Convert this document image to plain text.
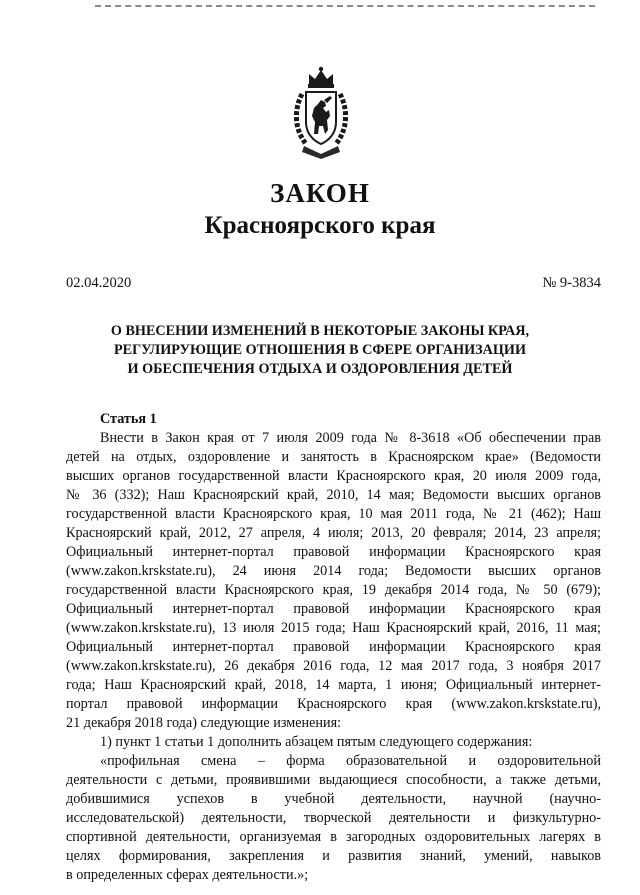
ЗАКОН
Красноярского края
02.04.2020	№ 9-3834
О ВНЕСЕНИИ ИЗМЕНЕНИЙ В НЕКОТОРЫЕ ЗАКОНЫ КРАЯ,
РЕГУЛИРУЮЩИЕ ОТНОШЕНИЯ В СФЕРЕ ОРГАНИЗАЦИИ
И ОБЕСПЕЧЕНИЯ ОТДЫХА И ОЗДОРОВЛЕНИЯ ДЕТЕЙ
Статья 1
Внести в Закон края от 7 июля 2009 года № 8-3618 «Об обеспечении прав
детей на отдых, оздоровление и занятость в Красноярском крае» (Ведомости
высших органов государственной власти Красноярского края, 20 июля 2009 года,
№ 36 (332); Наш Красноярский край, 2010, 14 мая; Ведомости высших органов
государственной власти Красноярского края, 10 мая 2011 года, № 21 (462); Наш
Красноярский край, 2012, 27 апреля, 4 июля; 2013, 20 февраля; 2014, 23 апреля;
Официальный интернет-портал правовой информации Красноярского края
(www.zakon.krskstate.ru), 24 июня 2014 года; Ведомости высших органов
государственной власти Красноярского края, 19 декабря 2014 года, № 50 (679);
Официальный интернет-портал правовой информации Красноярского края
(www.zakon.krskstate.ru), 13 июля 2015 года; Наш Красноярский край, 2016, 11 мая;
Официальный интернет-портал правовой информации Красноярского края
(www.zakon.krskstate.ru), 26 декабря 2016 года, 12 мая 2017 года, 3 ноября 2017
года; Наш Красноярский край, 2018, 14 марта, 1 июня; Официальный интернет-
портал правовой информации Красноярского края (www.zakon.krskstate.ru),
21 декабря 2018 года) следующие изменения:
1) пункт 1 статьи 1 дополнить абзацем пятым следующего содержания:
«профильная смена – форма образовательной и оздоровительной
деятельности с детьми, проявившими выдающиеся способности, а также детьми,
добившимися успехов в учебной деятельности, научной (научно-
исследовательской) деятельности, творческой деятельности и физкультурно-
спортивной деятельности, организуемая в загородных оздоровительных лагерях в
целях формирования, закрепления и развития знаний, умений, навыков
в определенных сферах деятельности.»;
